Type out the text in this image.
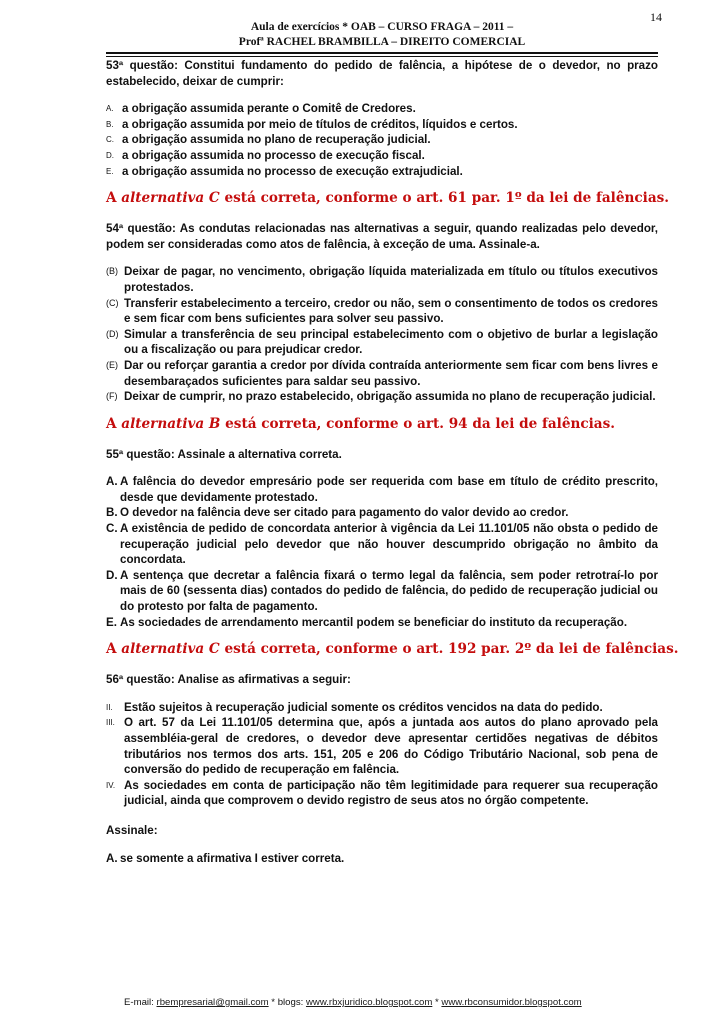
14
Aula de exercícios * OAB – CURSO FRAGA – 2011 –
Profª RACHEL BRAMBILLA – DIREITO COMERCIAL

53ª questão: Constitui fundamento do pedido de falência, a hipótese de o devedor, no prazo estabelecido, deixar de cumprir:

A. a obrigação assumida perante o Comitê de Credores.
B. a obrigação assumida por meio de títulos de créditos, líquidos e certos.
C. a obrigação assumida no plano de recuperação judicial.
D. a obrigação assumida no processo de execução fiscal.
E. a obrigação assumida no processo de execução extrajudicial.
A alternativa C está correta, conforme o art. 61 par. 1º da lei de falências.

54ª questão: As condutas relacionadas nas alternativas a seguir, quando realizadas pelo devedor, podem ser consideradas como atos de falência, à exceção de uma. Assinale-a.

(B) Deixar de pagar, no vencimento, obrigação líquida materializada em título ou títulos executivos protestados.
(C) Transferir estabelecimento a terceiro, credor ou não, sem o consentimento de todos os credores e sem ficar com bens suficientes para solver seu passivo.
(D) Simular a transferência de seu principal estabelecimento com o objetivo de burlar a legislação ou a fiscalização ou para prejudicar credor.
(E) Dar ou reforçar garantia a credor por dívida contraída anteriormente sem ficar com bens livres e desembaraçados suficientes para saldar seu passivo.
(F) Deixar de cumprir, no prazo estabelecido, obrigação assumida no plano de recuperação judicial.
A alternativa B está correta, conforme o art. 94 da lei de falências.

55ª questão: Assinale a alternativa correta.

A. A falência do devedor empresário pode ser requerida com base em título de crédito prescrito, desde que devidamente protestado.
B. O devedor na falência deve ser citado para pagamento do valor devido ao credor.
C. A existência de pedido de concordata anterior à vigência da Lei 11.101/05 não obsta o pedido de recuperação judicial pelo devedor que não houver descumprido obrigação no âmbito da concordata.
D. A sentença que decretar a falência fixará o termo legal da falência, sem poder retrotraí-lo por mais de 60 (sessenta dias) contados do pedido de falência, do pedido de recuperação judicial ou do protesto por falta de pagamento.
E. As sociedades de arrendamento mercantil podem se beneficiar do instituto da recuperação.
A alternativa C está correta, conforme o art. 192 par. 2º da lei de falências.

56ª questão: Analise as afirmativas a seguir:

II. Estão sujeitos à recuperação judicial somente os créditos vencidos na data do pedido.
III. O art. 57 da Lei 11.101/05 determina que, após a juntada aos autos do plano aprovado pela assembléia-geral de credores, o devedor deve apresentar certidões negativas de débitos tributários nos termos dos arts. 151, 205 e 206 do Código Tributário Nacional, sob pena de conversão do pedido de recuperação em falência.
IV. As sociedades em conta de participação não têm legitimidade para requerer sua recuperação judicial, ainda que comprovem o devido registro de seus atos no órgão competente.

Assinale:

A. se somente a afirmativa I estiver correta.
E-mail: rbempresarial@gmail.com * blogs: www.rbxjuridico.blogspot.com * www.rbconsumidor.blogspot.com
